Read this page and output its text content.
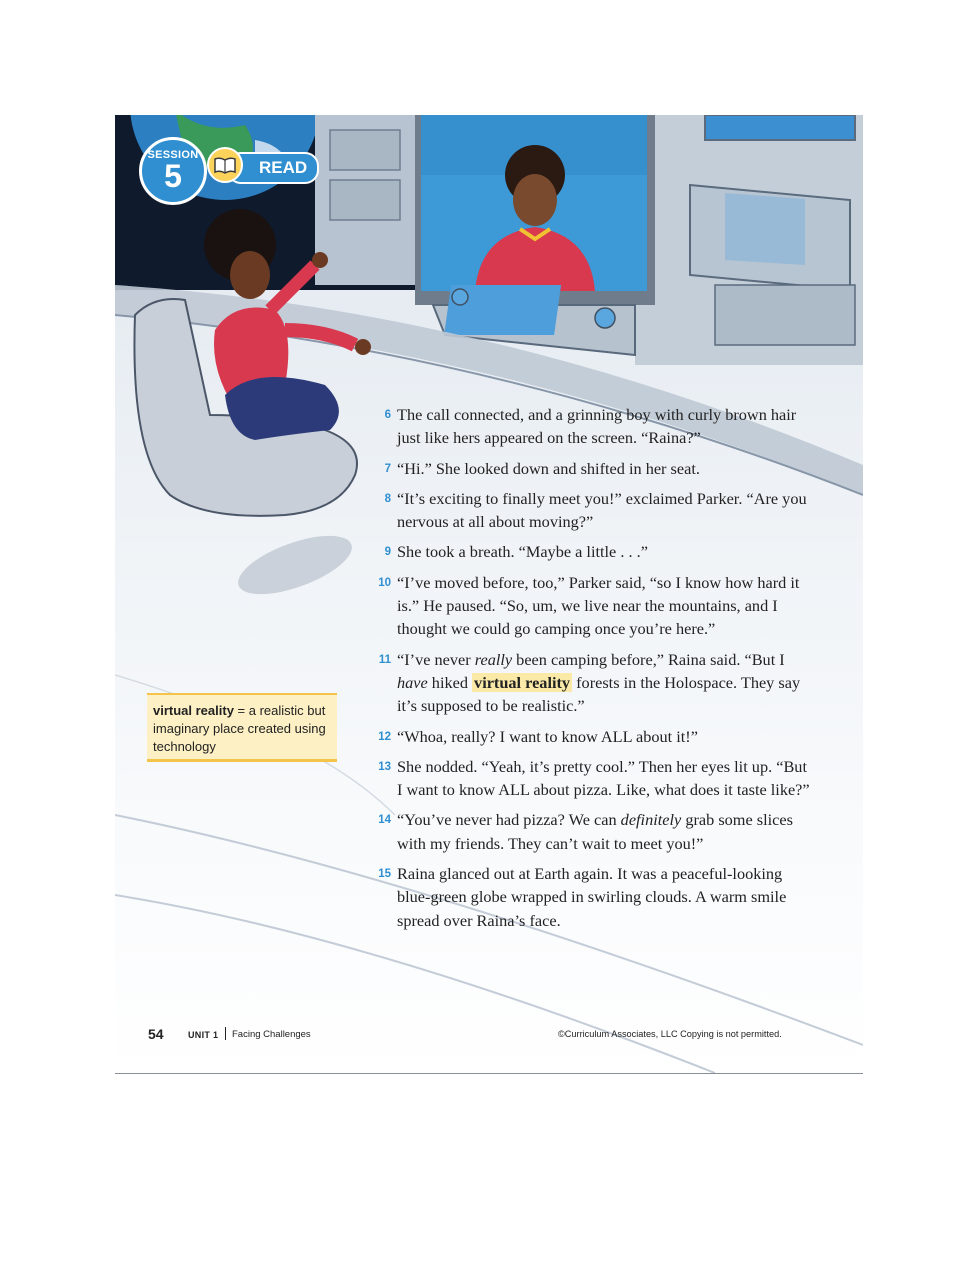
SESSION
5	READ
6 The call connected, and a grinning boy with curly brown hair just like hers appeared on the screen. “Raina?”
7 “Hi.” She looked down and shifted in her seat.
8 “It’s exciting to finally meet you!” exclaimed Parker. “Are you nervous at all about moving?”
9 She took a breath. “Maybe a little . . .”
10 “I’ve moved before, too,” Parker said, “so I know how hard it is.” He paused. “So, um, we live near the mountains, and I thought we could go camping once you’re here.”
11 “I’ve never really been camping before,” Raina said. “But I have hiked virtual reality forests in the Holospace. They say it’s supposed to be realistic.”
12 “Whoa, really? I want to know ALL about it!”
13 She nodded. “Yeah, it’s pretty cool.” Then her eyes lit up. “But I want to know ALL about pizza. Like, what does it taste like?”
14 “You’ve never had pizza? We can definitely grab some slices with my friends. They can’t wait to meet you!”
15 Raina glanced out at Earth again. It was a peaceful-looking blue-green globe wrapped in swirling clouds. A warm smile spread over Raina’s face.
virtual reality = a realistic but imaginary place created using technology
54	UNIT 1 Facing Challenges	©Curriculum Associates, LLC Copying is not permitted.
